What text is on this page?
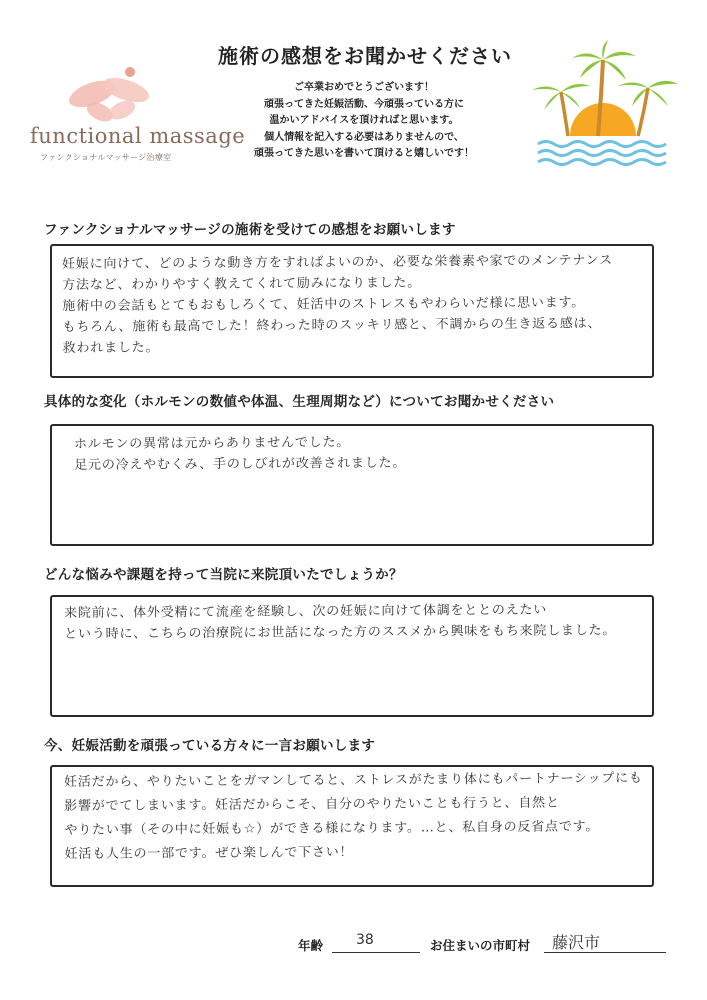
functional massage
ファンクショナルマッサージ治療室
施術の感想をお聞かせください
ご卒業おめでとうございます！
頑張ってきた妊娠活動、今頑張っている方に
温かいアドバイスを頂ければと思います。
個人情報を記入する必要はありませんので、
頑張ってきた思いを書いて頂けると嬉しいです！
ファンクショナルマッサージの施術を受けての感想をお願いします
妊娠に向けて、どのような動き方をすればよいのか、必要な栄養素や家でのメンテナンス
方法など、わかりやすく教えてくれて励みになりました。
施術中の会話もとてもおもしろくて、妊活中のストレスもやわらいだ様に思います。
もちろん、施術も最高でした！終わった時のスッキリ感と、不調からの生き返る感は、
救われました。
具体的な変化（ホルモンの数値や体温、生理周期など）についてお聞かせください
ホルモンの異常は元からありませんでした。
足元の冷えやむくみ、手のしびれが改善されました。
どんな悩みや課題を持って当院に来院頂いたでしょうか？
来院前に、体外受精にて流産を経験し、次の妊娠に向けて体調をととのえたい
という時に、こちらの治療院にお世話になった方のススメから興味をもち来院しました。
今、妊娠活動を頑張っている方々に一言お願いします
妊活だから、やりたいことをガマンしてると、ストレスがたまり体にもパートナーシップにも
影響がでてしまいます。妊活だからこそ、自分のやりたいことも行うと、自然と
やりたい事（その中に妊娠も☆）ができる様になります。…と、私自身の反省点です。
妊活も人生の一部です。ぜひ楽しんで下さい！
年齢 38	お住まいの市町村 藤沢市
